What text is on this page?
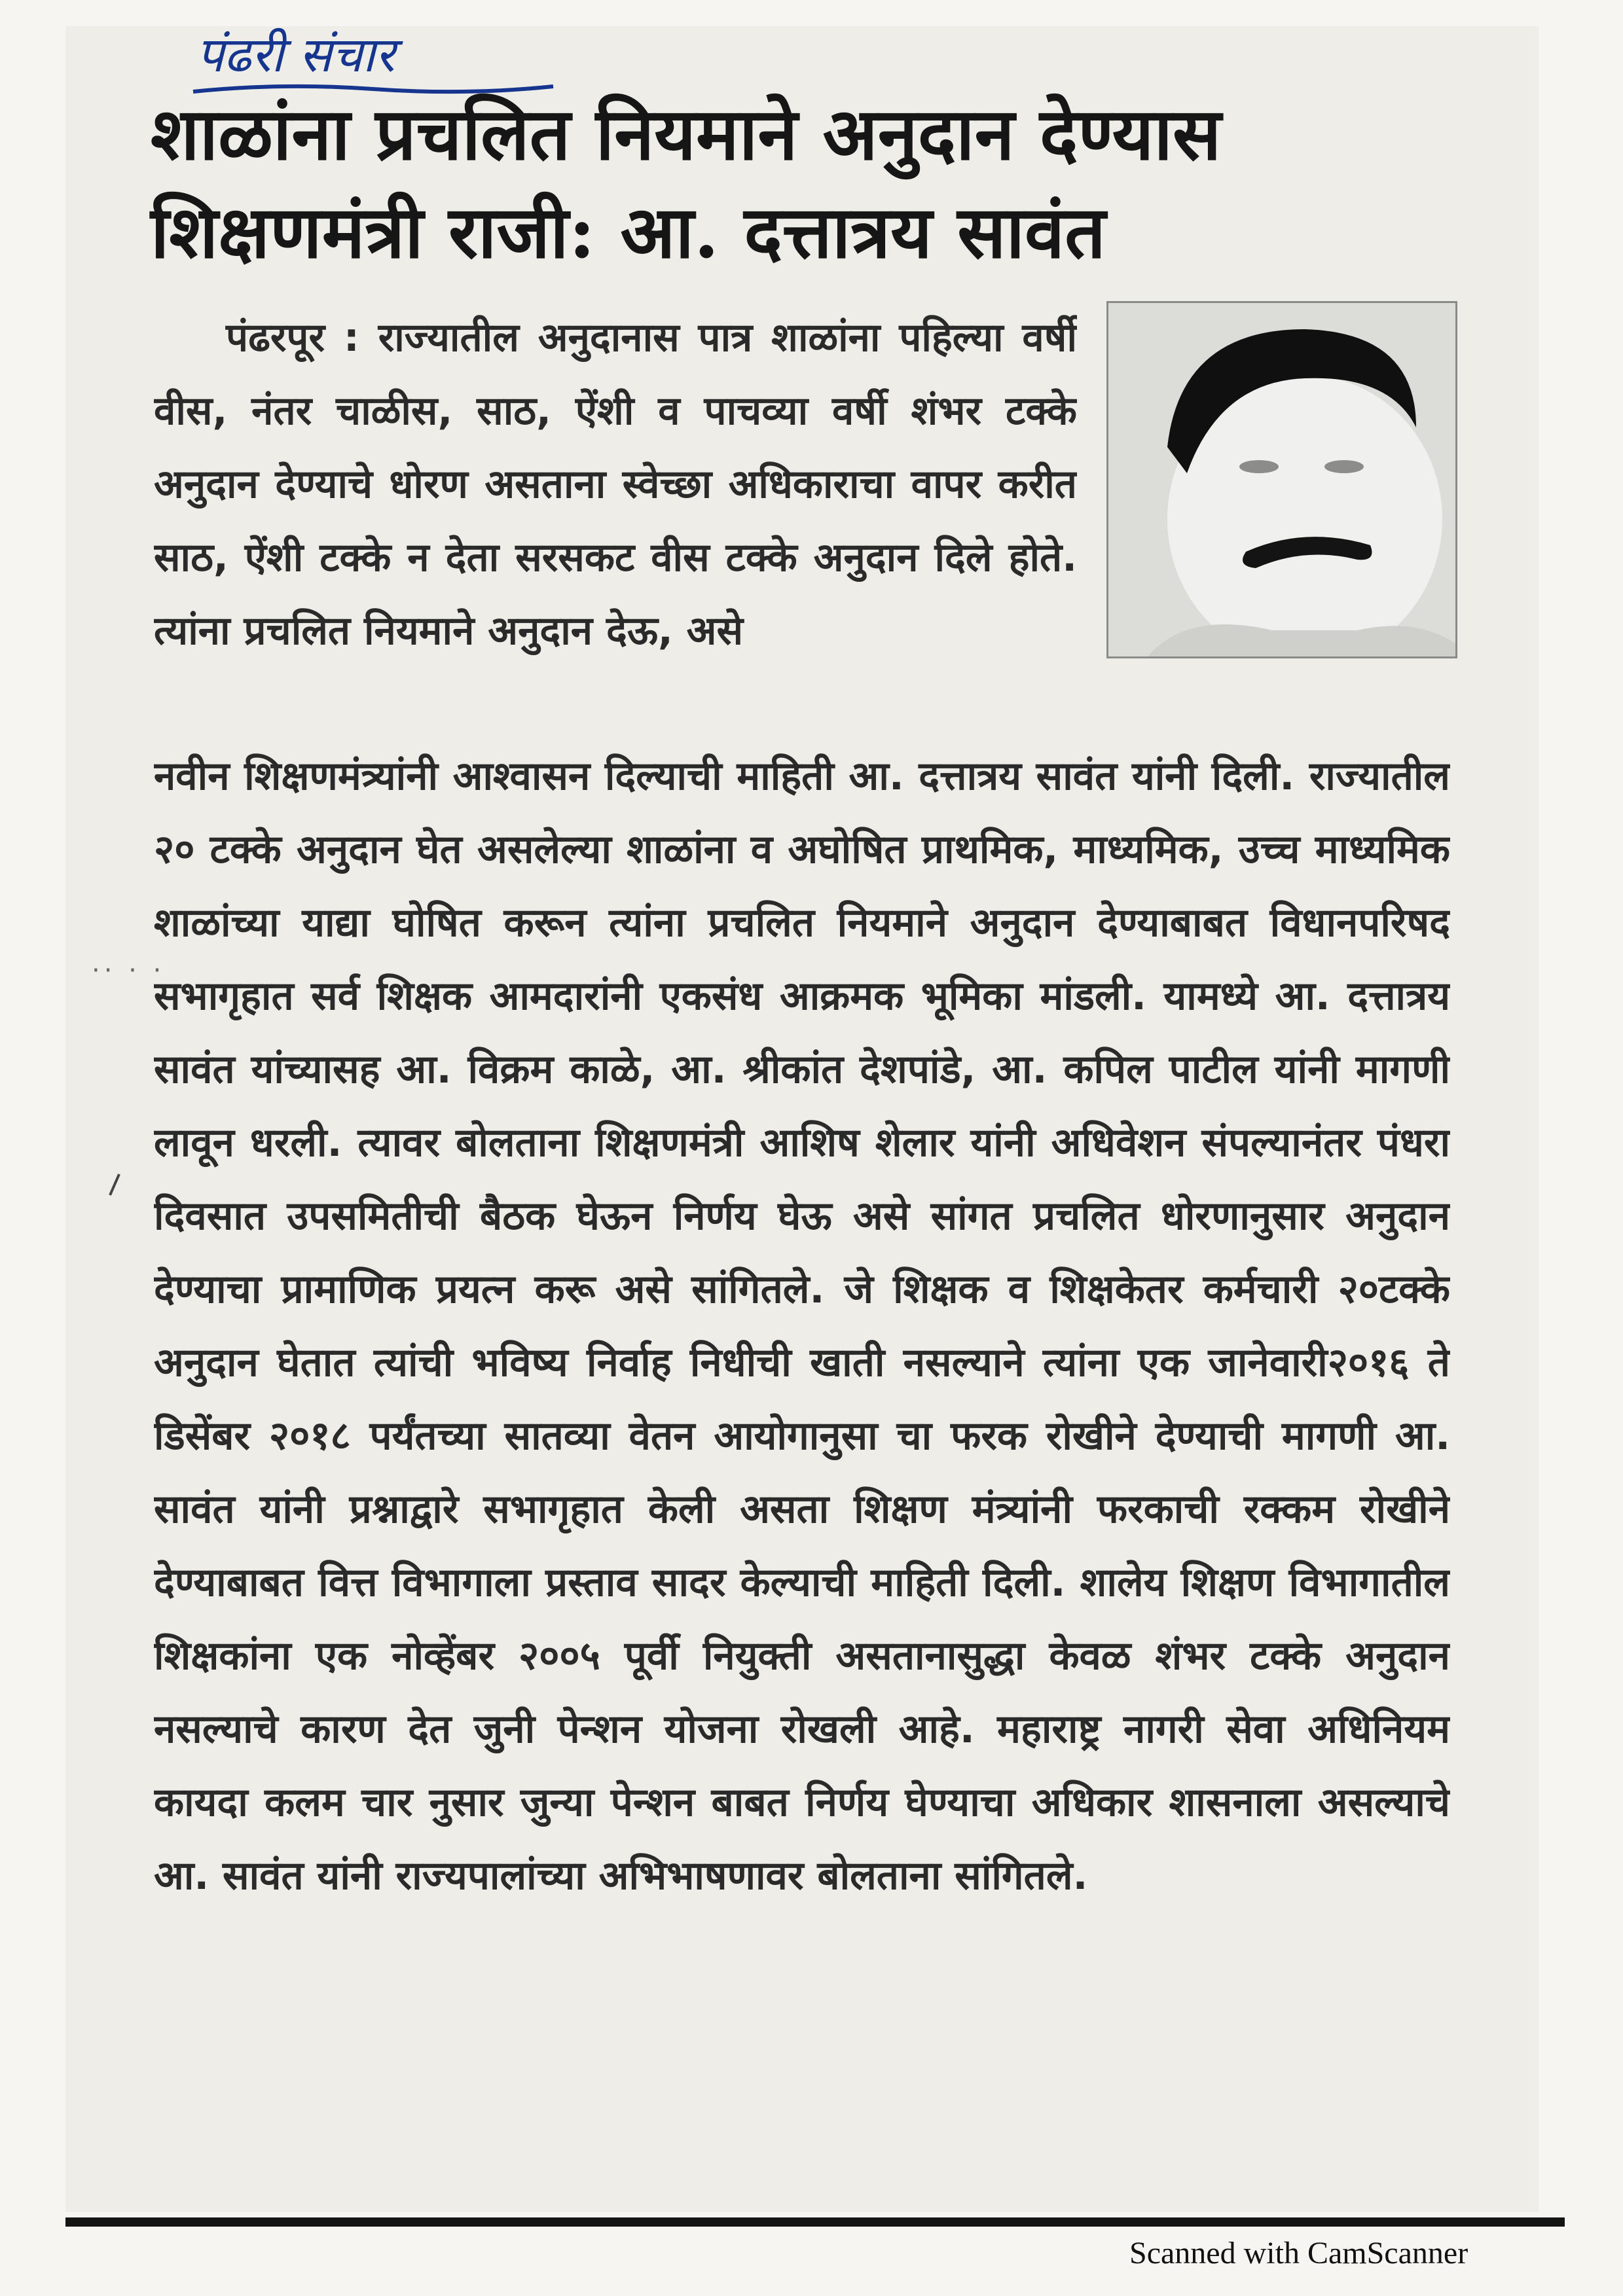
पंढरी संचार
शाळांना प्रचलित नियमाने अनुदान देण्यास
शिक्षणमंत्री राजी: आ. दत्तात्रय सावंत

पंढरपूर : राज्यातील अनुदानास पात्र शाळांना पहिल्या वर्षी वीस, नंतर चाळीस, साठ, ऐंशी व पाचव्या वर्षी शंभर टक्के अनुदान देण्याचे धोरण असताना स्वेच्छा अधिकाराचा वापर करीत साठ, ऐंशी टक्के न देता सरसकट वीस टक्के अनुदान दिले होते. त्यांना प्रचलित नियमाने अनुदान देऊ, असे

नवीन शिक्षणमंत्र्यांनी आश्वासन दिल्याची माहिती आ. दत्तात्रय सावंत यांनी दिली. राज्यातील २० टक्के अनुदान घेत असलेल्या शाळांना व अघोषित प्राथमिक, माध्यमिक, उच्च माध्यमिक शाळांच्या याद्या घोषित करून त्यांना प्रचलित नियमाने अनुदान देण्याबाबत विधानपरिषद सभागृहात सर्व शिक्षक आमदारांनी एकसंध आक्रमक भूमिका मांडली. यामध्ये आ. दत्तात्रय सावंत यांच्यासह आ. विक्रम काळे, आ. श्रीकांत देशपांडे, आ. कपिल पाटील यांनी मागणी लावून धरली. त्यावर बोलताना शिक्षणमंत्री आशिष शेलार यांनी अधिवेशन संपल्यानंतर पंधरा दिवसात उपसमितीची बैठक घेऊन निर्णय घेऊ असे सांगत प्रचलित धोरणानुसार अनुदान देण्याचा प्रामाणिक प्रयत्न करू असे सांगितले. जे शिक्षक व शिक्षकेतर कर्मचारी २०टक्के अनुदान घेतात त्यांची भविष्य निर्वाह निधीची खाती नसल्याने त्यांना एक जानेवारी२०१६ ते डिसेंबर २०१८ पर्यंतच्या सातव्या वेतन आयोगानुसा चा फरक रोखीने देण्याची मागणी आ. सावंत यांनी प्रश्नाद्वारे सभागृहात केली असता शिक्षण मंत्र्यांनी फरकाची रक्कम रोखीने देण्याबाबत वित्त विभागाला प्रस्ताव सादर केल्याची माहिती दिली. शालेय शिक्षण विभागातील शिक्षकांना एक नोव्हेंबर २००५ पूर्वी नियुक्ती असतानासुद्धा केवळ शंभर टक्के अनुदान नसल्याचे कारण देत जुनी पेन्शन योजना रोखली आहे. महाराष्ट्र नागरी सेवा अधिनियम कायदा कलम चार नुसार जुन्या पेन्शन बाबत निर्णय घेण्याचा अधिकार शासनाला असल्याचे आ. सावंत यांनी राज्यपालांच्या अभिभाषणावर बोलताना सांगितले.

·· · ·
Scanned with CamScanner
